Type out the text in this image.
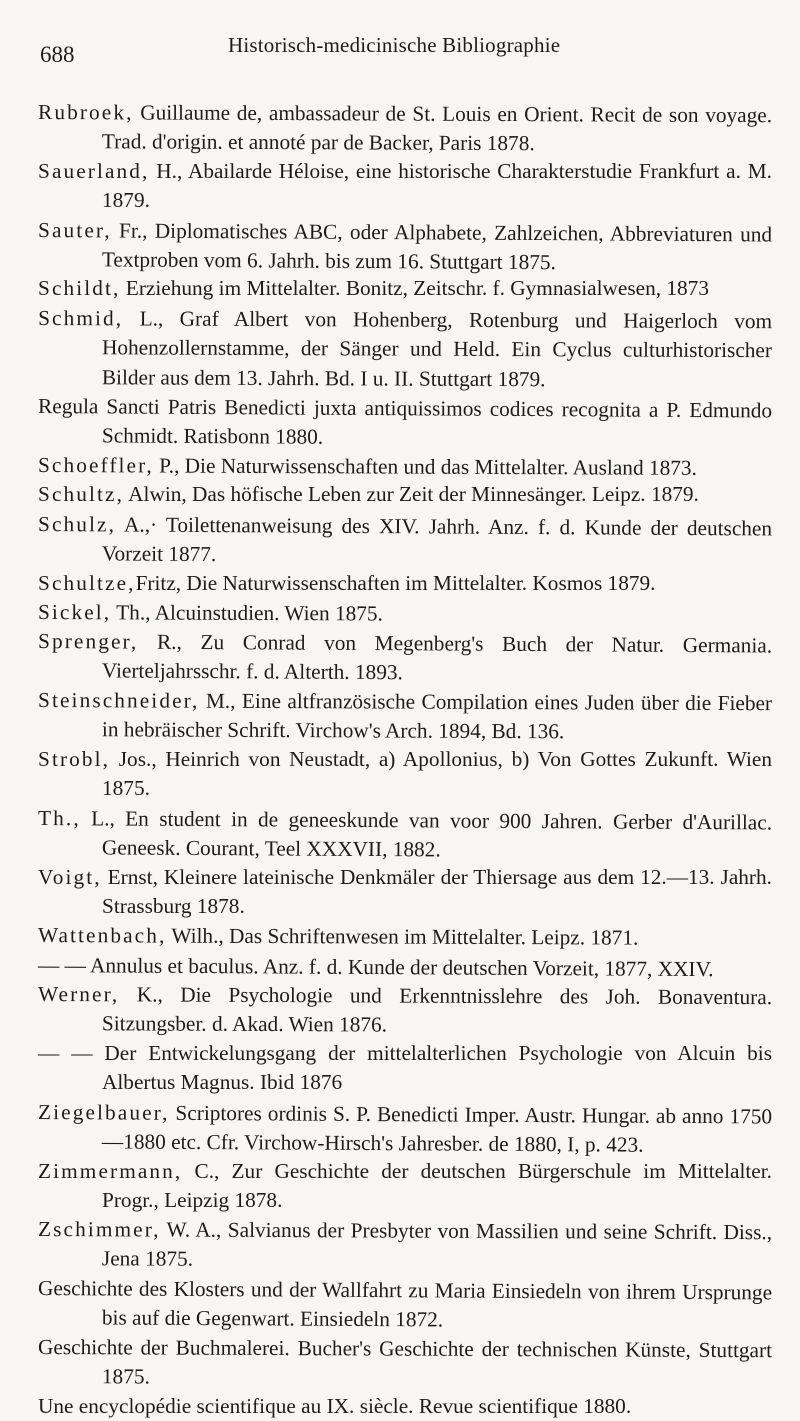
688	Historisch-medicinische Bibliographie

Rubroek, Guillaume de, ambassadeur de St. Louis en Orient. Recit de son voyage. Trad. d'origin. et annoté par de Backer, Paris 1878.

Sauerland, H., Abailarde Héloise, eine historische Charakterstudie Frankfurt a. M. 1879.

Sauter, Fr., Diplomatisches ABC, oder Alphabete, Zahlzeichen, Abbreviaturen und Textproben vom 6. Jahrh. bis zum 16. Stuttgart 1875.

Schildt, Erziehung im Mittelalter. Bonitz, Zeitschr. f. Gymnasialwesen, 1873

Schmid, L., Graf Albert von Hohenberg, Rotenburg und Haigerloch vom Hohenzollernstamme, der Sänger und Held. Ein Cyclus culturhistorischer Bilder aus dem 13. Jahrh. Bd. I u. II. Stuttgart 1879.

Regula Sancti Patris Benedicti juxta antiquissimos codices recognita a P. Edmundo Schmidt. Ratisbonn 1880.

Schoeffler, P., Die Naturwissenschaften und das Mittelalter. Ausland 1873.

Schultz, Alwin, Das höfische Leben zur Zeit der Minnesänger. Leipz. 1879.

Schulz, A.,· Toilettenanweisung des XIV. Jahrh. Anz. f. d. Kunde der deutschen Vorzeit 1877.

Schultze,Fritz, Die Naturwissenschaften im Mittelalter. Kosmos 1879.

Sickel, Th., Alcuinstudien. Wien 1875.

Sprenger, R., Zu Conrad von Megenberg's Buch der Natur. Germania. Vierteljahrsschr. f. d. Alterth. 1893.

Steinschneider, M., Eine altfranzösische Compilation eines Juden über die Fieber in hebräischer Schrift. Virchow's Arch. 1894, Bd. 136.

Strobl, Jos., Heinrich von Neustadt, a) Apollonius, b) Von Gottes Zukunft. Wien 1875.

Th., L., En student in de geneeskunde van voor 900 Jahren. Gerber d'Aurillac. Geneesk. Courant, Teel XXXVII, 1882.

Voigt, Ernst, Kleinere lateinische Denkmäler der Thiersage aus dem 12.—13. Jahrh. Strassburg 1878.

Wattenbach, Wilh., Das Schriftenwesen im Mittelalter. Leipz. 1871.

— — Annulus et baculus. Anz. f. d. Kunde der deutschen Vorzeit, 1877, XXIV.

Werner, K., Die Psychologie und Erkenntnisslehre des Joh. Bonaventura. Sitzungsber. d. Akad. Wien 1876.

— — Der Entwickelungsgang der mittelalterlichen Psychologie von Alcuin bis Albertus Magnus. Ibid 1876

Ziegelbauer, Scriptores ordinis S. P. Benedicti Imper. Austr. Hungar. ab anno 1750—1880 etc. Cfr. Virchow-Hirsch's Jahresber. de 1880, I, p. 423.

Zimmermann, C., Zur Geschichte der deutschen Bürgerschule im Mittelalter. Progr., Leipzig 1878.

Zschimmer, W. A., Salvianus der Presbyter von Massilien und seine Schrift. Diss., Jena 1875.

Geschichte des Klosters und der Wallfahrt zu Maria Einsiedeln von ihrem Ursprunge bis auf die Gegenwart. Einsiedeln 1872.

Geschichte der Buchmalerei. Bucher's Geschichte der technischen Künste, Stuttgart 1875.

Une encyclopédie scientifique au IX. siècle. Revue scientifique 1880.
